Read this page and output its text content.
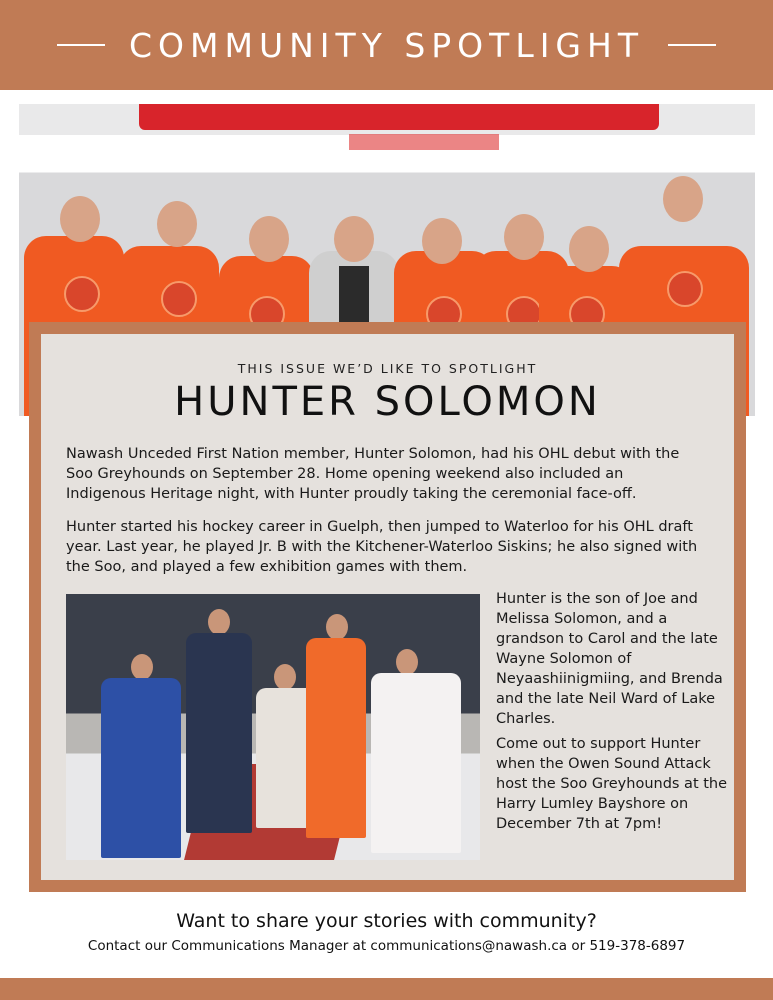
COMMUNITY SPOTLIGHT
THIS ISSUE WE’D LIKE TO SPOTLIGHT
HUNTER SOLOMON

Nawash Unceded First Nation member, Hunter Solomon, had his OHL debut with the Soo Greyhounds on September 28. Home opening weekend also included an Indigenous Heritage night, with Hunter proudly taking the ceremonial face-off.

Hunter started his hockey career in Guelph, then jumped to Waterloo for his OHL draft year. Last year, he played Jr. B with the Kitchener-Waterloo Siskins; he also signed with the Soo, and played a few exhibition games with them.

Hunter is the son of Joe and Melissa Solomon, and a grandson to Carol and the late Wayne Solomon of Neyaashiinigmiing, and Brenda and the late Neil Ward of Lake Charles.

Come out to support Hunter when the Owen Sound Attack host the Soo Greyhounds at the Harry Lumley Bayshore on December 7th at 7pm!

Want to share your stories with community?
Contact our Communications Manager at communications@nawash.ca or 519-378-6897
